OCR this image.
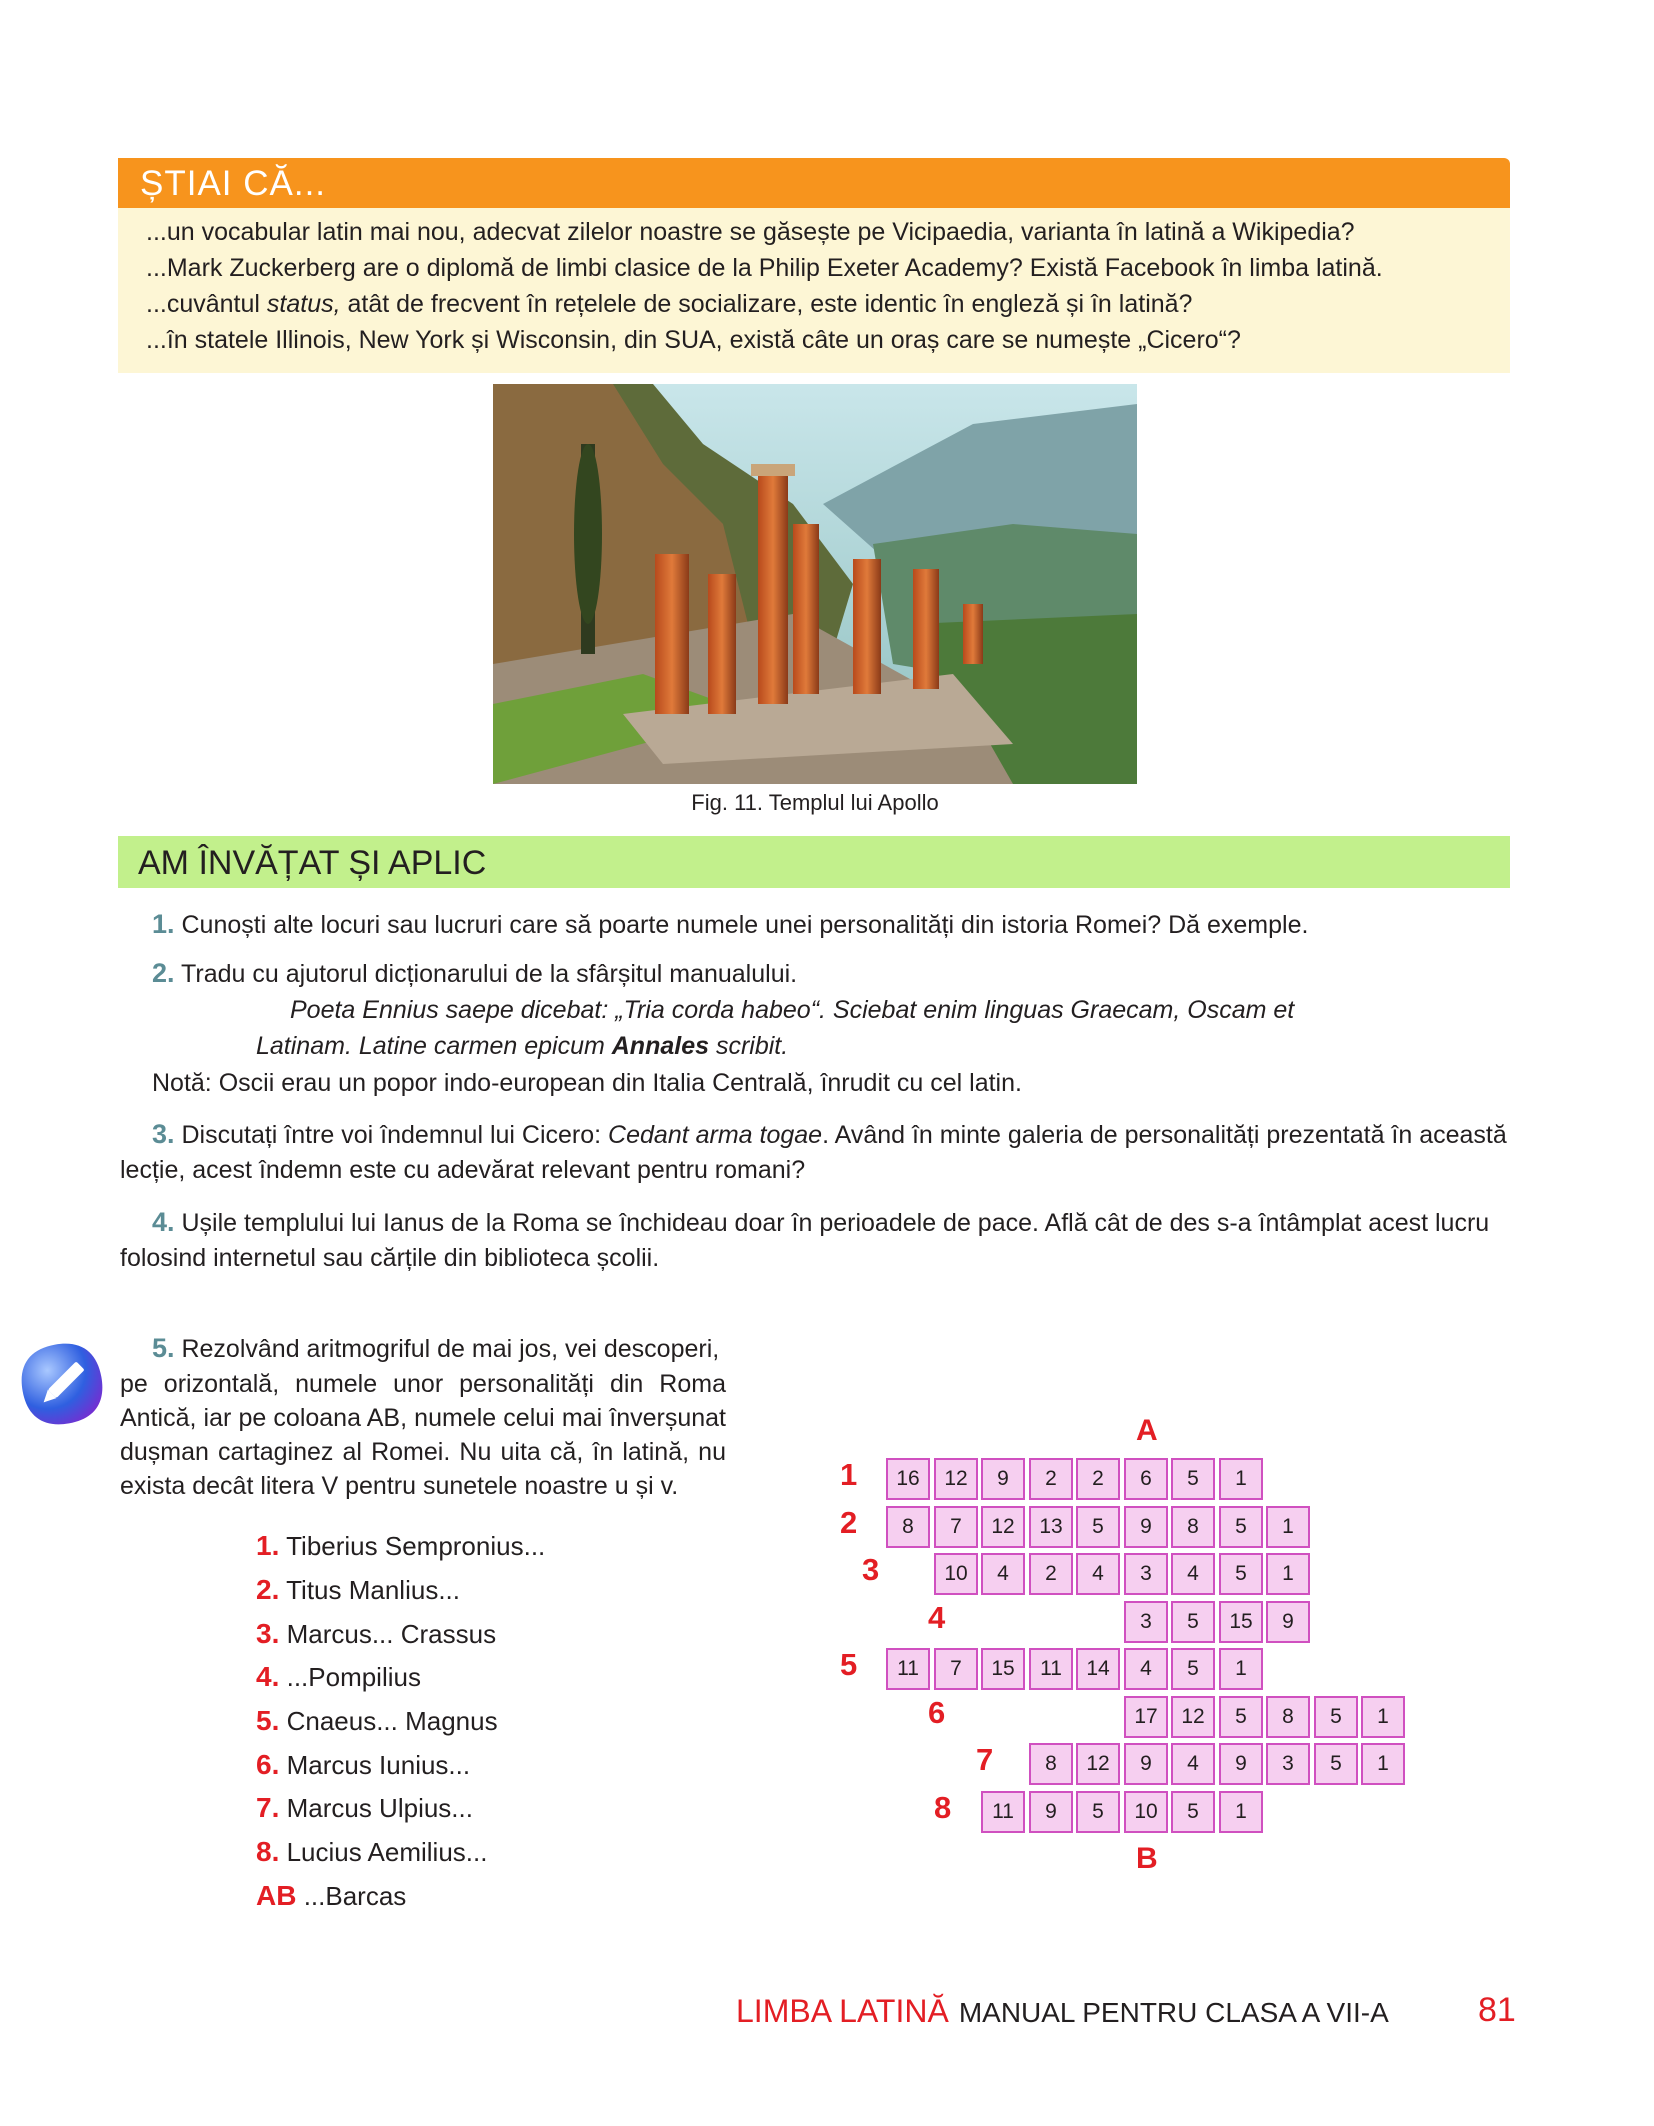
ȘTIAI CĂ...
...un vocabular latin mai nou, adecvat zilelor noastre se găsește pe Vicipaedia, varianta în latină a Wikipedia?
...Mark Zuckerberg are o diplomă de limbi clasice de la Philip Exeter Academy? Există Facebook în limba latină.
...cuvântul status, atât de frecvent în rețelele de socializare, este identic în engleză și în latină?
...în statele Illinois, New York și Wisconsin, din SUA, există câte un oraș care se numește „Cicero“?
Fig. 11. Templul lui Apollo
AM ÎNVĂȚAT ȘI APLIC
1. Cunoști alte locuri sau lucruri care să poarte numele unei personalități din istoria Romei? Dă exemple.
2. Tradu cu ajutorul dicționarului de la sfârșitul manualului.
Poeta Ennius saepe dicebat: „Tria corda habeo“. Sciebat enim linguas Graecam, Oscam et
Latinam. Latine carmen epicum Annales scribit.
Notă: Oscii erau un popor indo-european din Italia Centrală, înrudit cu cel latin.
3. Discutați între voi îndemnul lui Cicero: Cedant arma togae. Având în minte galeria de personalități prezentată în această
lecție, acest îndemn este cu adevărat relevant pentru romani?
4. Ușile templului lui Ianus de la Roma se închideau doar în perioadele de pace. Află cât de des s-a întâmplat acest lucru
folosind internetul sau cărțile din biblioteca școlii.
5. Rezolvând aritmogriful de mai jos, vei descoperi,
pe orizontală, numele unor personalități din Roma
Antică, iar pe coloana AB, numele celui mai înverșunat
dușman cartaginez al Romei. Nu uita că, în latină, nu
exista decât litera V pentru sunetele noastre u și v.
1. Tiberius Sempronius...
2. Titus Manlius...
3. Marcus... Crassus
4. ...Pompilius
5. Cnaeus... Magnus
6. Marcus Iunius...
7. Marcus Ulpius...
8. Lucius Aemilius...
AB ...Barcas
A
B
1	16	12	9	2	2	6	5	1
2	8	7	12	13	5	9	8	5	1
3	10	4	2	4	3	4	5	1
4	3	5	15	9
5	11	7	15	11	14	4	5	1
6	17	12	5	8	5	1
7	8	12	9	4	9	3	5	1
8	11	9	5	10	5	1
LIMBA LATINĂ MANUAL PENTRU CLASA A VII-A	81
